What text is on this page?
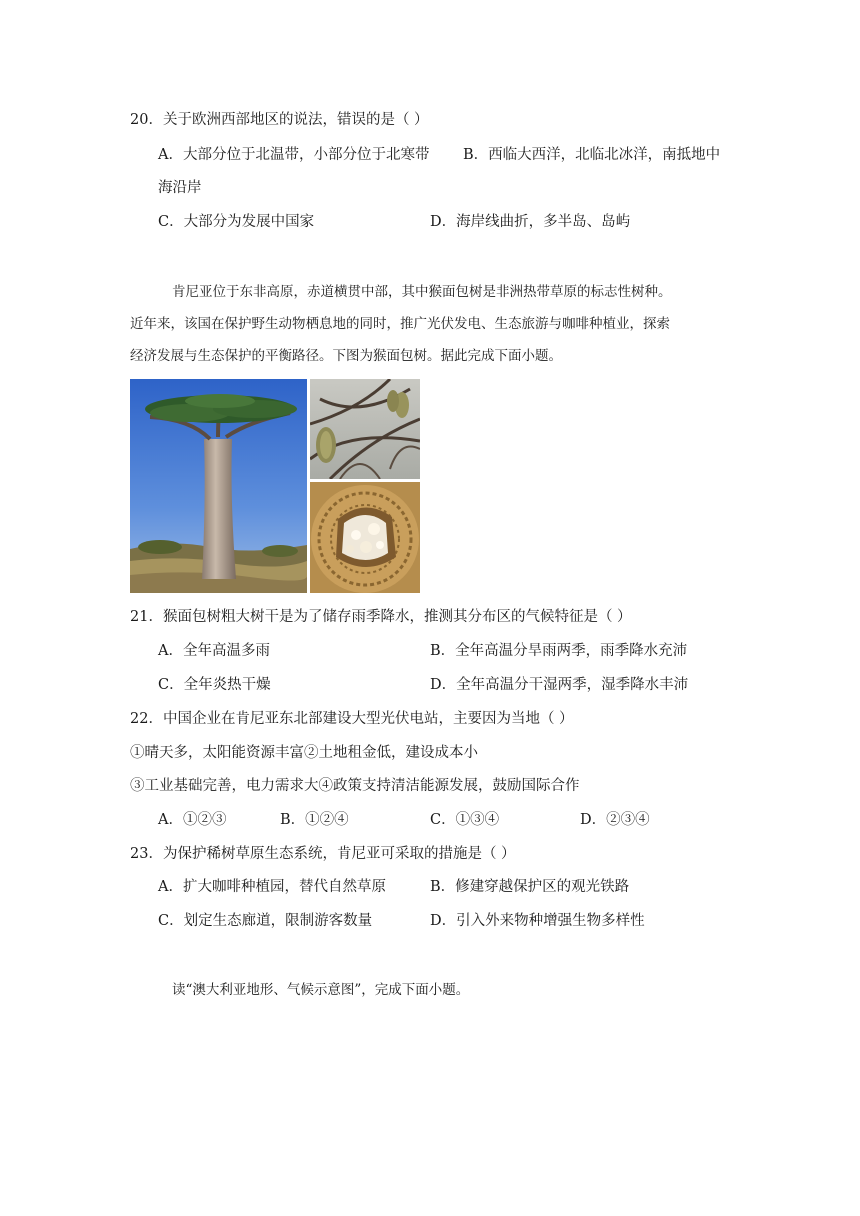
20．关于欧洲西部地区的说法，错误的是（ ）
A．大部分位于北温带，小部分位于北寒带 B．西临大西洋，北临北冰洋，南抵地中
海沿岸
C．大部分为发展中国家	D．海岸线曲折，多半岛、岛屿
肯尼亚位于东非高原，赤道横贯中部，其中猴面包树是非洲热带草原的标志性树种。
近年来，该国在保护野生动物栖息地的同时，推广光伏发电、生态旅游与咖啡种植业，探索
经济发展与生态保护的平衡路径。下图为猴面包树。据此完成下面小题。
21．猴面包树粗大树干是为了储存雨季降水，推测其分布区的气候特征是（ ）
A．全年高温多雨	B．全年高温分旱雨两季，雨季降水充沛
C．全年炎热干燥	D．全年高温分干湿两季，湿季降水丰沛
22．中国企业在肯尼亚东北部建设大型光伏电站，主要因为当地（ ）
①晴天多，太阳能资源丰富②土地租金低，建设成本小
③工业基础完善，电力需求大④政策支持清洁能源发展，鼓励国际合作
A．①②③	B．①②④	C．①③④	D．②③④
23．为保护稀树草原生态系统，肯尼亚可采取的措施是（ ）
A．扩大咖啡种植园，替代自然草原	B．修建穿越保护区的观光铁路
C．划定生态廊道，限制游客数量	D．引入外来物种增强生物多样性
读“澳大利亚地形、气候示意图”，完成下面小题。
